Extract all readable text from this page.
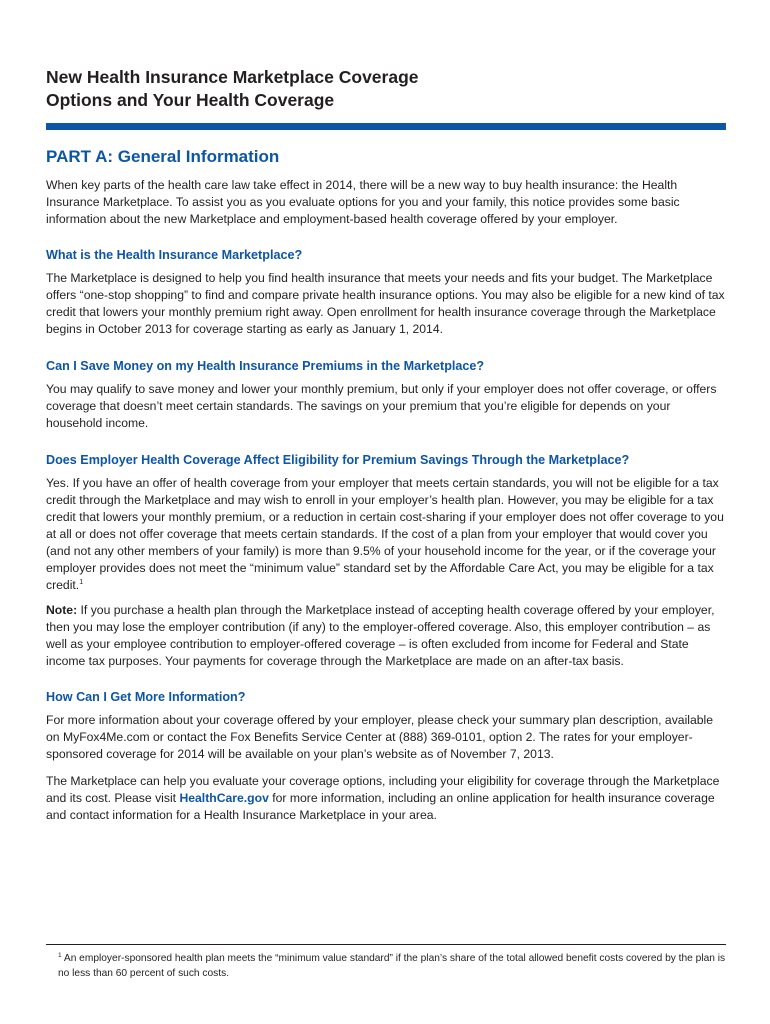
New Health Insurance Marketplace Coverage
Options and Your Health Coverage
PART A: General Information

When key parts of the health care law take effect in 2014, there will be a new way to buy health insurance: the Health Insurance Marketplace. To assist you as you evaluate options for you and your family, this notice provides some basic information about the new Marketplace and employment-based health coverage offered by your employer.

What is the Health Insurance Marketplace?

The Marketplace is designed to help you find health insurance that meets your needs and fits your budget. The Marketplace offers “one-stop shopping” to find and compare private health insurance options. You may also be eligible for a new kind of tax credit that lowers your monthly premium right away. Open enrollment for health insurance coverage through the Marketplace begins in October 2013 for coverage starting as early as January 1, 2014.

Can I Save Money on my Health Insurance Premiums in the Marketplace?

You may qualify to save money and lower your monthly premium, but only if your employer does not offer coverage, or offers coverage that doesn’t meet certain standards. The savings on your premium that you’re eligible for depends on your household income.

Does Employer Health Coverage Affect Eligibility for Premium Savings Through the Marketplace?

Yes. If you have an offer of health coverage from your employer that meets certain standards, you will not be eligible for a tax credit through the Marketplace and may wish to enroll in your employer’s health plan. However, you may be eligible for a tax credit that lowers your monthly premium, or a reduction in certain cost-sharing if your employer does not offer coverage to you at all or does not offer coverage that meets certain standards. If the cost of a plan from your employer that would cover you (and not any other members of your family) is more than 9.5% of your household income for the year, or if the coverage your employer provides does not meet the “minimum value” standard set by the Affordable Care Act, you may be eligible for a tax credit.$^1$

Note: If you purchase a health plan through the Marketplace instead of accepting health coverage offered by your employer, then you may lose the employer contribution (if any) to the employer-offered coverage. Also, this employer contribution – as well as your employee contribution to employer-offered coverage – is often excluded from income for Federal and State income tax purposes. Your payments for coverage through the Marketplace are made on an after-tax basis.

How Can I Get More Information?

For more information about your coverage offered by your employer, please check your summary plan description, available on MyFox4Me.com or contact the Fox Benefits Service Center at (888) 369-0101, option 2. The rates for your employer-sponsored coverage for 2014 will be available on your plan’s website as of November 7, 2013.

The Marketplace can help you evaluate your coverage options, including your eligibility for coverage through the Marketplace and its cost. Please visit HealthCare.gov for more information, including an online application for health insurance coverage and contact information for a Health Insurance Marketplace in your area.

$^1$ An employer-sponsored health plan meets the “minimum value standard” if the plan’s share of the total allowed benefit costs covered by the plan is no less than 60 percent of such costs.
